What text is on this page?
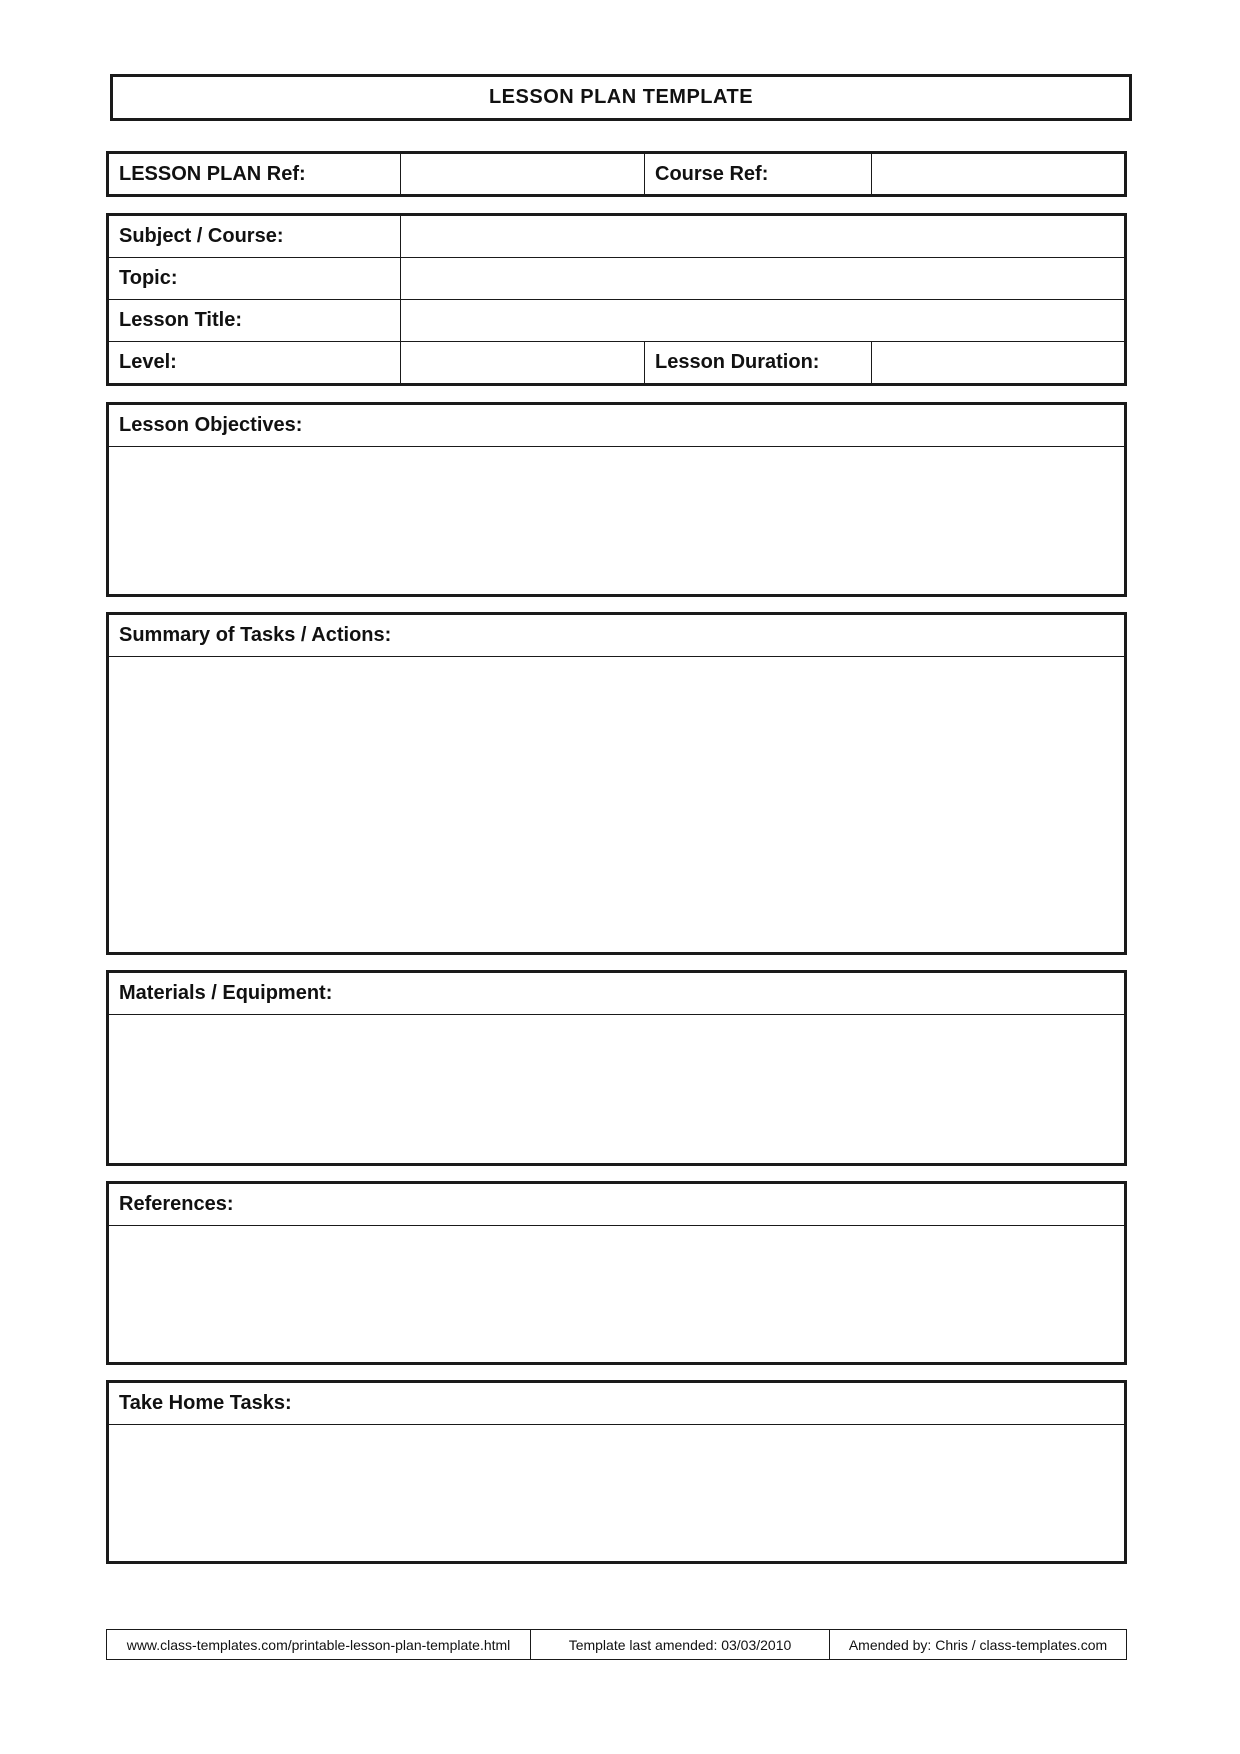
LESSON PLAN TEMPLATE
LESSON PLAN Ref:		Course Ref:	
Subject / Course:			
Topic:			
Lesson Title:			
Level:		Lesson Duration:	
Lesson Objectives:
Summary of Tasks / Actions:
Materials / Equipment:
References:
Take Home Tasks:
www.class-templates.com/printable-lesson-plan-template.html	Template last amended: 03/03/2010	Amended by: Chris / class-templates.com
